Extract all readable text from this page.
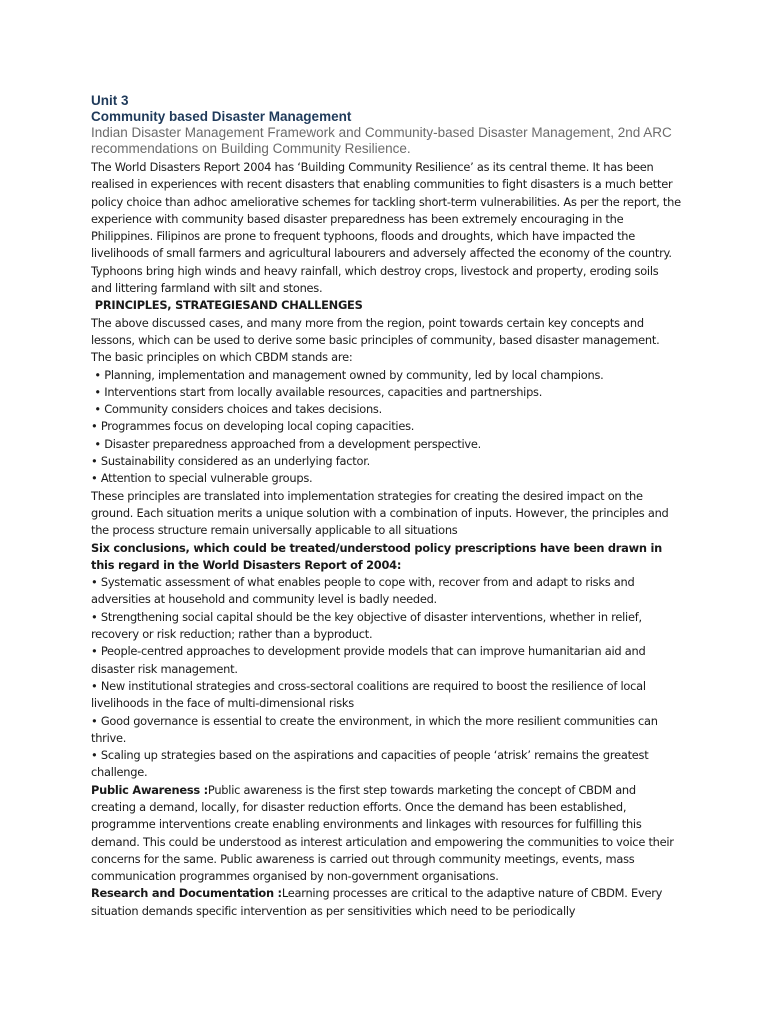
Unit 3

Community based Disaster Management

Indian Disaster Management Framework and Community-based Disaster Management, 2nd ARC recommendations on Building Community Resilience.

The World Disasters Report 2004 has ‘Building Community Resilience’ as its central theme. It has been realised in experiences with recent disasters that enabling communities to fight disasters is a much better policy choice than adhoc ameliorative schemes for tackling short-term vulnerabilities. As per the report, the experience with community based disaster preparedness has been extremely encouraging in the Philippines. Filipinos are prone to frequent typhoons, floods and droughts, which have impacted the livelihoods of small farmers and agricultural labourers and adversely affected the economy of the country. Typhoons bring high winds and heavy rainfall, which destroy crops, livestock and property, eroding soils and littering farmland with silt and stones.

PRINCIPLES, STRATEGIESAND CHALLENGES

The above discussed cases, and many more from the region, point towards certain key concepts and lessons, which can be used to derive some basic principles of community, based disaster management. The basic principles on which CBDM stands are:

• Planning, implementation and management owned by community, led by local champions.

• Interventions start from locally available resources, capacities and partnerships.

• Community considers choices and takes decisions.

• Programmes focus on developing local coping capacities.

• Disaster preparedness approached from a development perspective.

• Sustainability considered as an underlying factor.

• Attention to special vulnerable groups.

These principles are translated into implementation strategies for creating the desired impact on the ground. Each situation merits a unique solution with a combination of inputs. However, the principles and the process structure remain universally applicable to all situations

Six conclusions, which could be treated/understood policy prescriptions have been drawn in this regard in the World Disasters Report of 2004:

• Systematic assessment of what enables people to cope with, recover from and adapt to risks and adversities at household and community level is badly needed.

• Strengthening social capital should be the key objective of disaster interventions, whether in relief, recovery or risk reduction; rather than a byproduct.

• People-centred approaches to development provide models that can improve humanitarian aid and disaster risk management.

• New institutional strategies and cross-sectoral coalitions are required to boost the resilience of local livelihoods in the face of multi-dimensional risks

• Good governance is essential to create the environment, in which the more resilient communities can thrive.

• Scaling up strategies based on the aspirations and capacities of people ‘atrisk’ remains the greatest challenge.

Public Awareness :Public awareness is the first step towards marketing the concept of CBDM and creating a demand, locally, for disaster reduction efforts. Once the demand has been established, programme interventions create enabling environments and linkages with resources for fulfilling this demand. This could be understood as interest articulation and empowering the communities to voice their concerns for the same. Public awareness is carried out through community meetings, events, mass communication programmes organised by non-government organisations.

Research and Documentation :Learning processes are critical to the adaptive nature of CBDM. Every situation demands specific intervention as per sensitivities which need to be periodically
